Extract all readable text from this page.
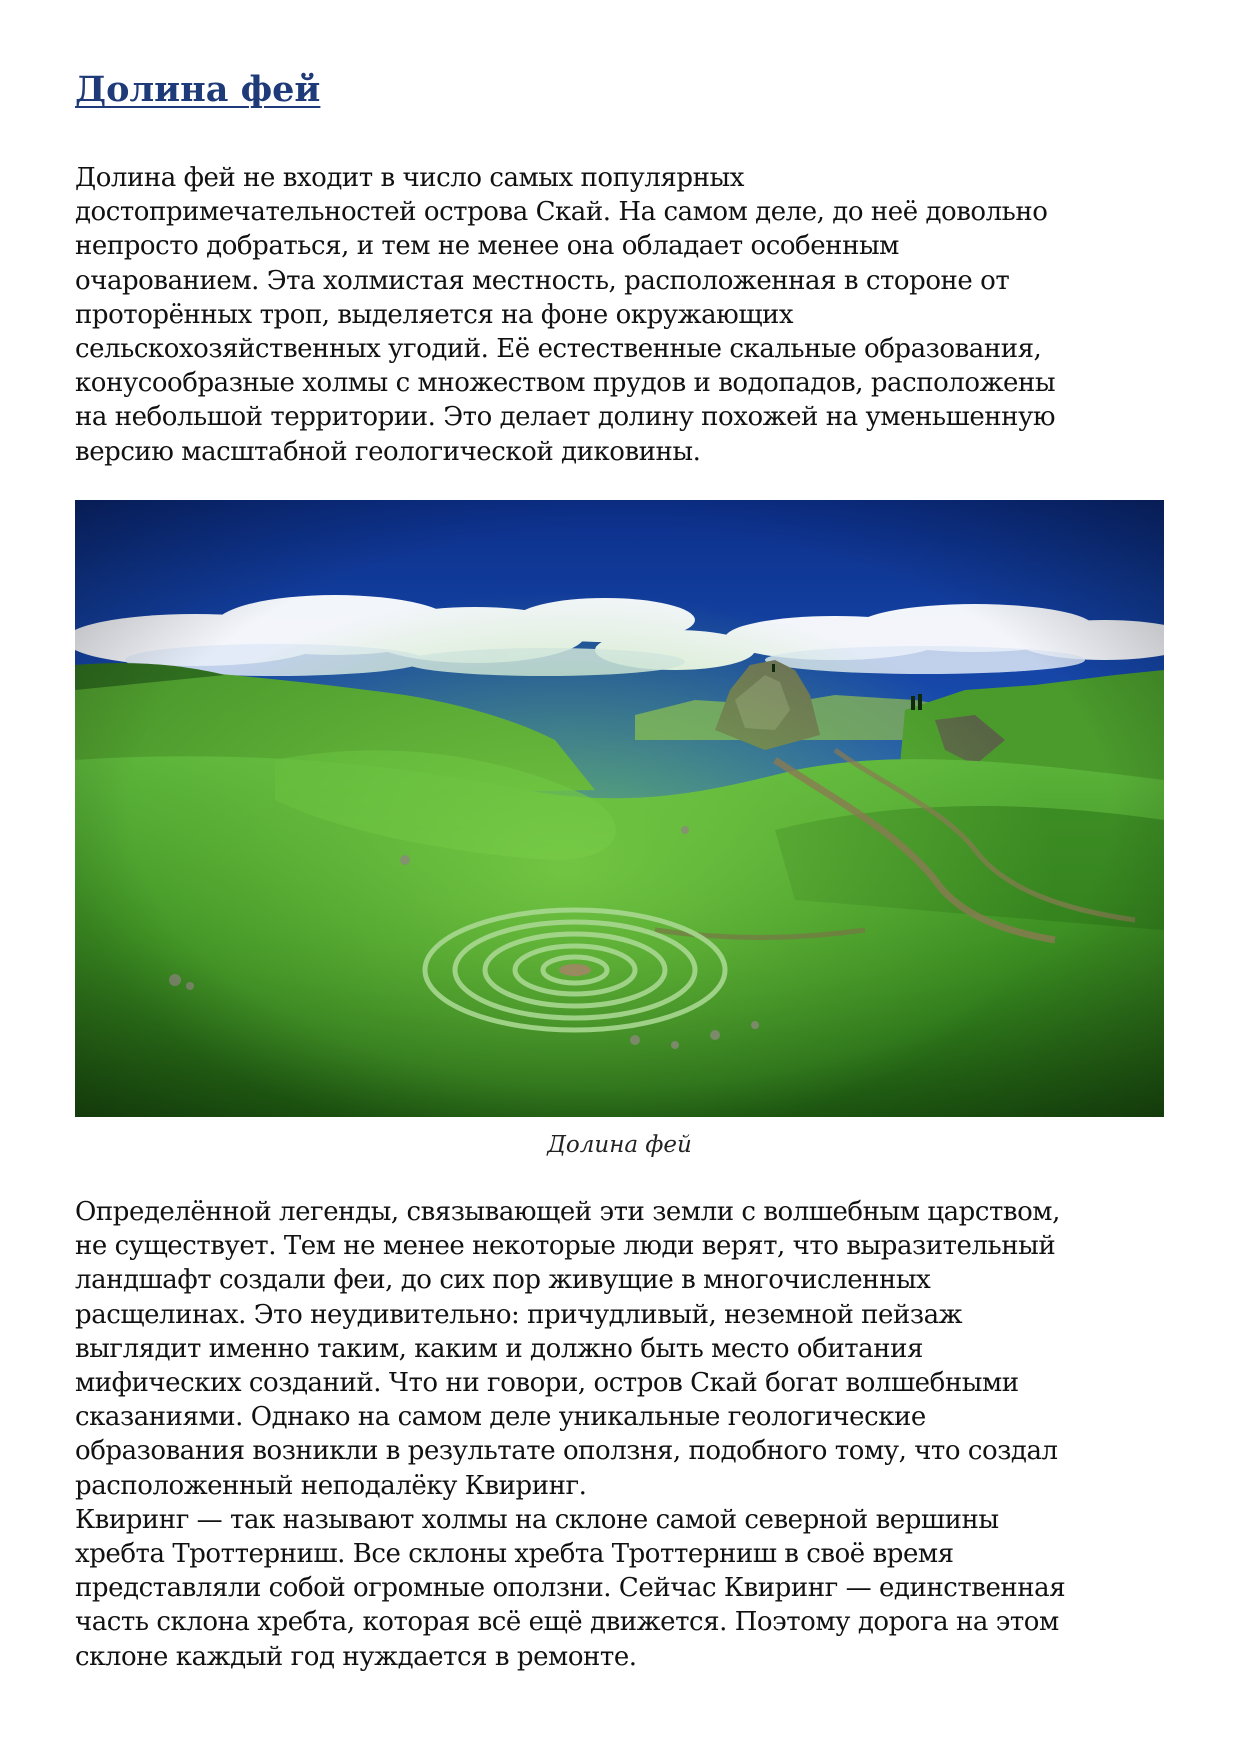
Долина фей
Долина фей не входит в число самых популярных
достопримечательностей острова Скай. На самом деле, до неё довольно
непросто добраться, и тем не менее она обладает особенным
очарованием. Эта холмистая местность, расположенная в стороне от
проторённых троп, выделяется на фоне окружающих
сельскохозяйственных угодий. Её естественные скальные образования,
конусообразные холмы с множеством прудов и водопадов, расположены
на небольшой территории. Это делает долину похожей на уменьшенную
версию масштабной геологической диковины.

Долина фей

Определённой легенды, связывающей эти земли с волшебным царством,
не существует. Тем не менее некоторые люди верят, что выразительный
ландшафт создали феи, до сих пор живущие в многочисленных
расщелинах. Это неудивительно: причудливый, неземной пейзаж
выглядит именно таким, каким и должно быть место обитания
мифических созданий. Что ни говори, остров Скай богат волшебными
сказаниями. Однако на самом деле уникальные геологические
образования возникли в результате оползня, подобного тому, что создал
расположенный неподалёку Квиринг.
Квиринг — так называют холмы на склоне самой северной вершины
хребта Троттерниш. Все склоны хребта Троттерниш в своё время
представляли собой огромные оползни. Сейчас Квиринг — единственная
часть склона хребта, которая всё ещё движется. Поэтому дорога на этом
склоне каждый год нуждается в ремонте.
